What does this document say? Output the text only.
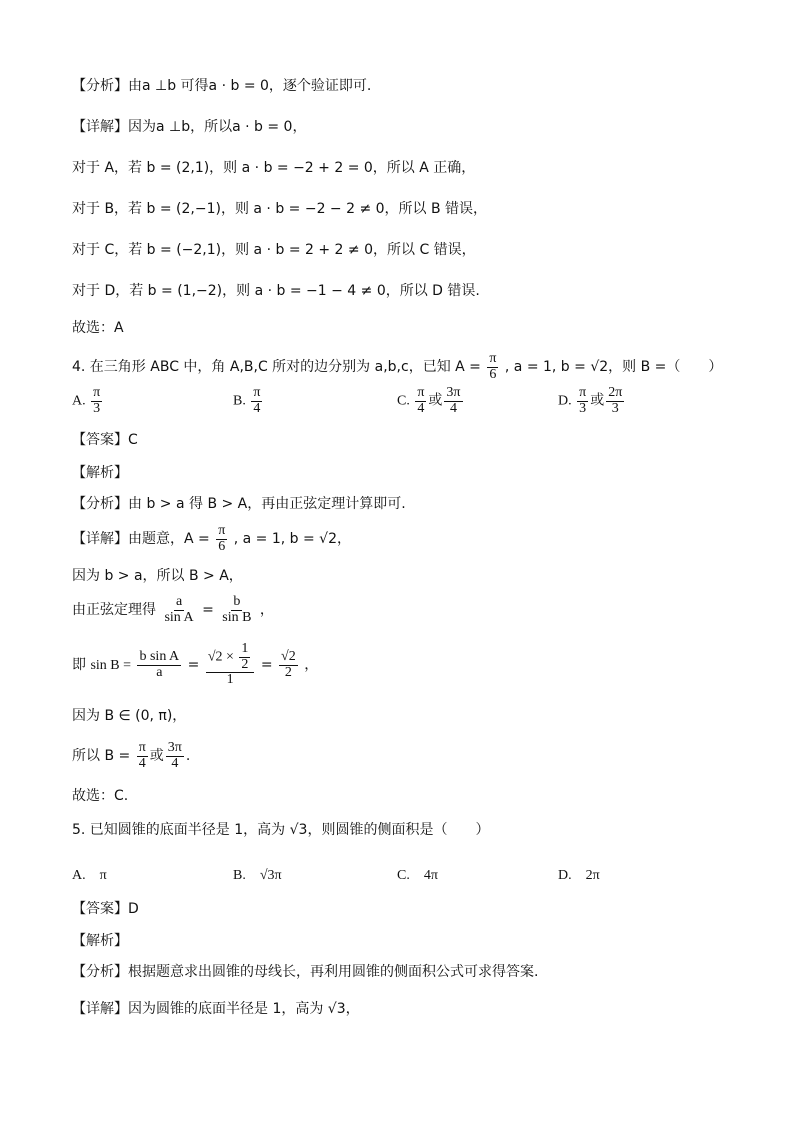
【分析】由a ⊥b 可得a · b = 0，逐个验证即可.
【详解】因为a ⊥b，所以a · b = 0，
对于 A，若 b = (2,1)，则 a · b = −2 + 2 = 0，所以 A 正确，
对于 B，若 b = (2,−1)，则 a · b = −2 − 2 ≠ 0，所以 B 错误，
对于 C，若 b = (−2,1)，则 a · b = 2 + 2 ≠ 0，所以 C 错误，
对于 D，若 b = (1,−2)，则 a · b = −1 − 4 ≠ 0，所以 D 错误.
故选：A
4. 在三角形 ABC 中，角 A,B,C 所对的边分别为 a,b,c，已知 $A = \frac{\pi}{6}$ , a = 1, b = √2，则 B =（　　）
A. $\frac{\pi}{3}$	B. $\frac{\pi}{4}$	C. $\frac{\pi}{4}$ 或 $\frac{3\pi}{4}$	D. $\frac{\pi}{3}$ 或 $\frac{2\pi}{3}$
【答案】C
【解析】
【分析】由 b > a 得 B > A，再由正弦定理计算即可.
【详解】由题意，$A = \frac{\pi}{6}$ , a = 1, b = √2，
因为 b > a，所以 B > A，
由正弦定理得 $\frac{a}{\text{sin A}} = \frac{b}{\text{sin B}}$ ，
即 $\sin B = \frac{\text{b sin A}}{a} = \frac{√2 \times \frac{1}{2}}{1} = \frac{√2}{2}$ ，
因为 B ∈ (0, π)，
所以 $B = \frac{\pi}{4}$ 或 $\frac{3\pi}{4}$ .
故选：C.
5. 已知圆锥的底面半径是 1，高为 √3，则圆锥的侧面积是（　　）
A.　π	B.　√3π	C.　4π	D.　2π
【答案】D
【解析】
【分析】根据题意求出圆锥的母线长，再利用圆锥的侧面积公式可求得答案.
【详解】因为圆锥的底面半径是 1，高为 √3，
